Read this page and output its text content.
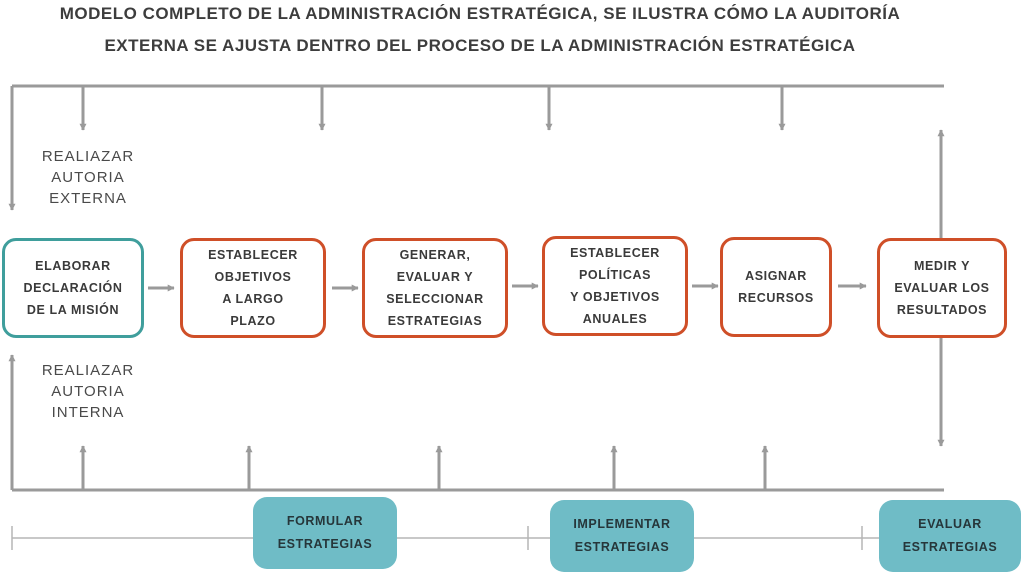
MODELO COMPLETO DE LA ADMINISTRACIÓN ESTRATÉGICA, SE ILUSTRA CÓMO LA AUDITORÍA
EXTERNA SE AJUSTA DENTRO DEL PROCESO DE LA ADMINISTRACIÓN ESTRATÉGICA
REALIAZAR
AUTORIA
EXTERNA
REALIAZAR
AUTORIA
INTERNA
ELABORAR
DECLARACIÓN
DE LA MISIÓN
ESTABLECER
OBJETIVOS
A LARGO
PLAZO
GENERAR,
EVALUAR Y
SELECCIONAR
ESTRATEGIAS
ESTABLECER
POLÍTICAS
Y OBJETIVOS
ANUALES
ASIGNAR
RECURSOS
MEDIR Y
EVALUAR LOS
RESULTADOS
FORMULAR
ESTRATEGIAS
IMPLEMENTAR
ESTRATEGIAS
EVALUAR
ESTRATEGIAS
